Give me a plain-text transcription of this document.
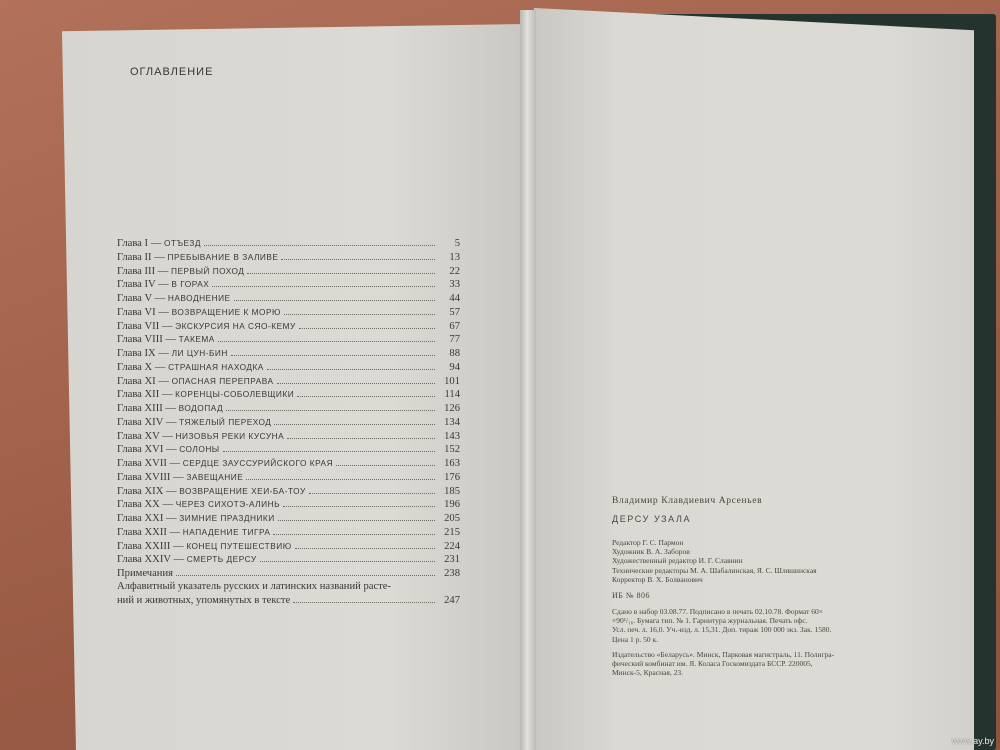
ОГЛАВЛЕНИЕ
Глава I — ОТЪЕЗД	5
Глава II — ПРЕБЫВАНИЕ В ЗАЛИВЕ	13
Глава III — ПЕРВЫЙ ПОХОД	22
Глава IV — В ГОРАХ	33
Глава V — НАВОДНЕНИЕ	44
Глава VI — ВОЗВРАЩЕНИЕ К МОРЮ	57
Глава VII — ЭКСКУРСИЯ НА СЯО-КЕМУ	67
Глава VIII — ТАКЕМА	77
Глава IX — ЛИ ЦУН-БИН	88
Глава X — СТРАШНАЯ НАХОДКА	94
Глава XI — ОПАСНАЯ ПЕРЕПРАВА	101
Глава XII — КОРЕНЦЫ-СОБОЛЕВЩИКИ	114
Глава XIII — ВОДОПАД	126
Глава XIV — ТЯЖЕЛЫЙ ПЕРЕХОД	134
Глава XV — НИЗОВЬЯ РЕКИ КУСУНА	143
Глава XVI — СОЛОНЫ	152
Глава XVII — СЕРДЦЕ ЗАУССУРИЙСКОГО КРАЯ	163
Глава XVIII — ЗАВЕЩАНИЕ	176
Глава XIX — ВОЗВРАЩЕНИЕ ХЕИ-БА-ТОУ	185
Глава XX — ЧЕРЕЗ СИХОТЭ-АЛИНЬ	196
Глава XXI — ЗИМНИЕ ПРАЗДНИКИ	205
Глава XXII — НАПАДЕНИЕ ТИГРА	215
Глава XXIII — КОНЕЦ ПУТЕШЕСТВИЮ	224
Глава XXIV — СМЕРТЬ ДЕРСУ	231
Примечания	238
Алфавитный указатель русских и латинских названий расте-
ний и животных, упомянутых в тексте	247
Владимир Клавдиевич Арсеньев
ДЕРСУ УЗАЛА
Редактор Г. С. Пармон
Художник В. А. Заборов
Художественный редактор И. Г. Славнин
Технические редакторы М. А. Шабалинская, Я. С. Шляшинская
Корректор В. Х. Болванович
ИБ № 806
Сдано в набор 03.08.77. Подписано в печать 02.10.78. Формат 60×
×90¹/₁₆. Бумага тип. № 1. Гарнитура журнальная. Печать офс.
Усл. печ. л. 16,0. Уч.-изд. л. 15,31. Доп. тираж 100 000 экз. Зак. 1580.
Цена 1 р. 50 к.
Издательство «Беларусь». Минск, Парковая магистраль, 11. Полигра-
фический комбинат им. Я. Коласа Госкомиздата БССР. 220005,
Минск-5, Красная, 23.
www.ay.by
